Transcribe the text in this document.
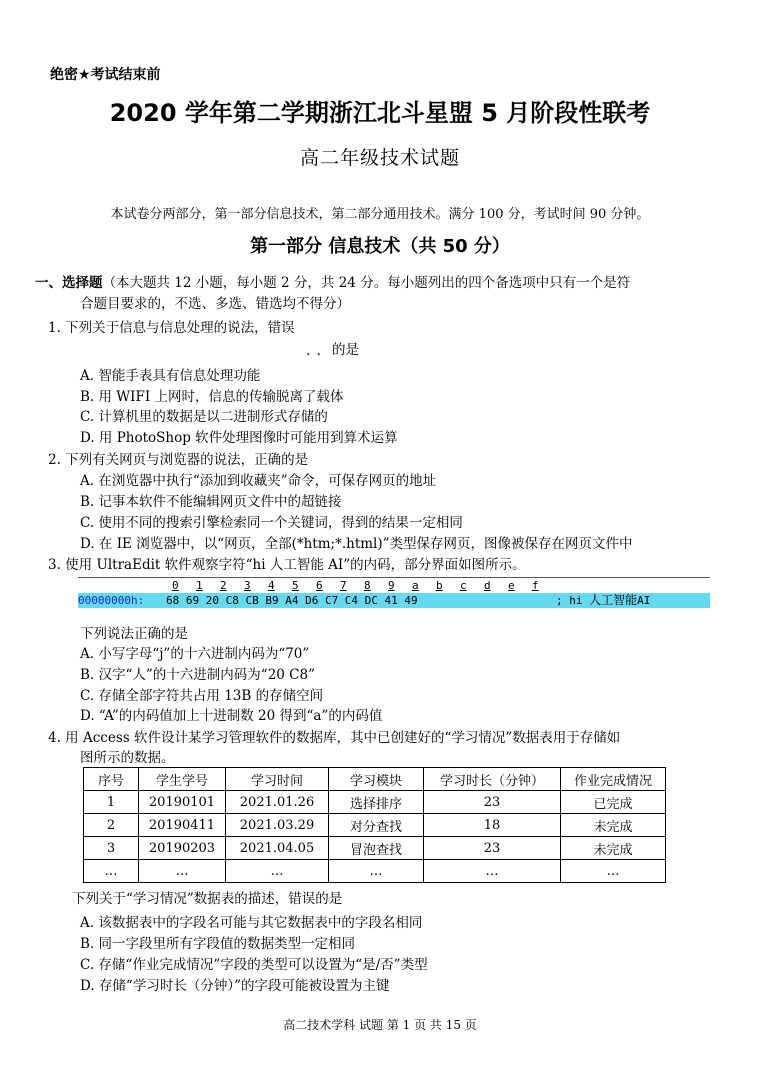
绝密★考试结束前
2020 学年第二学期浙江北斗星盟 5 月阶段性联考
高二年级技术试题
本试卷分两部分，第一部分信息技术，第二部分通用技术。满分 100 分，考试时间 90 分钟。
第一部分 信息技术（共 50 分）
一、选择题（本大题共 12 小题，每小题 2 分，共 24 分。每小题列出的四个备选项中只有一个是符
合题目要求的，不选、多选、错选均不得分）
1. 下列关于信息与信息处理的说法，错误
.. 的是
A. 智能手表具有信息处理功能
B. 用 WIFI 上网时，信息的传输脱离了载体
C. 计算机里的数据是以二进制形式存储的
D. 用 PhotoShop 软件处理图像时可能用到算术运算
2. 下列有关网页与浏览器的说法，正确的是
A. 在浏览器中执行“添加到收藏夹”命令，可保存网页的地址
B. 记事本软件不能编辑网页文件中的超链接
C. 使用不同的搜索引擎检索同一个关键词，得到的结果一定相同
D. 在 IE 浏览器中，以“网页，全部(*htm;*.html)”类型保存网页，图像被保存在网页文件中
3. 使用 UltraEdit 软件观察字符“hi 人工智能 AI”的内码，部分界面如图所示。
0 1 2 3 4 5 6 7 8 9 a b c d e f
00000000h: 68 69 20 C8 CB B9 A4 D6 C7 C4 DC 41 49	; hi 人工智能AI
下列说法正确的是
A. 小写字母“j”的十六进制内码为“70”
B. 汉字“人”的十六进制内码为“20 C8”
C. 存储全部字符共占用 13B 的存储空间
D. “A”的内码值加上十进制数 20 得到“a”的内码值
4. 用 Access 软件设计某学习管理软件的数据库，其中已创建好的“学习情况”数据表用于存储如
图所示的数据。
序号	学生学号	学习时间	学习模块	学习时长（分钟）	作业完成情况
1	20190101	2021.01.26	选择排序	23	已完成
2	20190411	2021.03.29	对分查找	18	未完成
3	20190203	2021.04.05	冒泡查找	23	未完成
…	…	…	…	…	…
下列关于“学习情况”数据表的描述，错误的是
A. 该数据表中的字段名可能与其它数据表中的字段名相同
B. 同一字段里所有字段值的数据类型一定相同
C. 存储“作业完成情况”字段的类型可以设置为“是/否”类型
D. 存储“学习时长（分钟）”的字段可能被设置为主键
高二技术学科 试题 第 1 页 共 15 页
